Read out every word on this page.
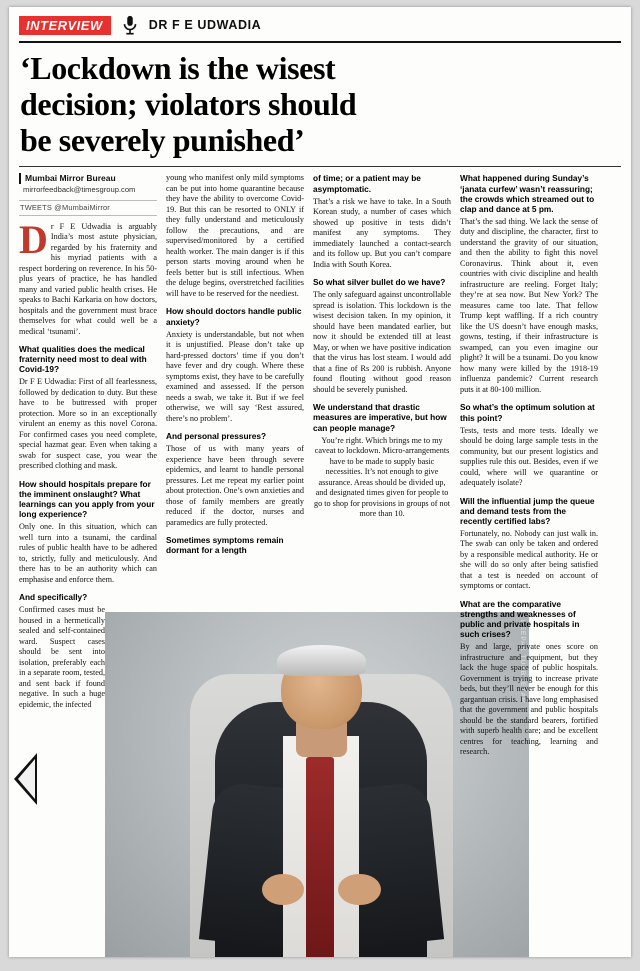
INTERVIEW	DR F E UDWADIA
‘Lockdown is the wisest
decision; violators should
be severely punished’
Mumbai Mirror Bureau
mirrorfeedback@timesgroup.com
TWEETS @MumbaiMirror

Dr F E Udwadia is arguably India’s most astute physician, regarded by his fraternity and his myriad patients with a respect bordering on reverence. In his 50-plus years of practice, he has handled many and varied public health crises. He speaks to Bachi Karkaria on how doctors, hospitals and the government must brace themselves for what could well be a medical ‘tsunami’.

What qualities does the medical fraternity need most to deal with Covid-19?

Dr F E Udwadia: First of all fearlessness, followed by dedication to duty. But these have to be buttressed with proper protection. More so in an exceptionally virulent an enemy as this novel Corona. For confirmed cases you need complete, special hazmat gear. Even when taking a swab for suspect case, you wear the prescribed clothing and mask.

How should hospitals prepare for the imminent onslaught? What learnings can you apply from your long experience?

Only one. In this situation, which can well turn into a tsunami, the cardinal rules of public health have to be adhered to, strictly, fully and meticulously. And there has to be an authority which can emphasise and enforce them.

And specifically?

Confirmed cases must be housed in a hermetically sealed and self-contained ward. Suspect cases should be sent into isolation, preferably each in a separate room, tested, and sent back if found negative. In such a huge epidemic, the infected

young who manifest only mild symptoms can be put into home quarantine because they have the ability to overcome Covid-19. But this can be resorted to ONLY if they fully understand and meticulously follow the precautions, and are supervised/monitored by a certified health worker. The main danger is if this person starts moving around when he feels better but is still infectious. When the deluge begins, overstretched facilities will have to be reserved for the neediest.

How should doctors handle public anxiety?

Anxiety is understandable, but not when it is unjustified. Please don’t take up hard-pressed doctors’ time if you don’t have fever and dry cough. Where these symptoms exist, they have to be carefully examined and assessed. If the person needs a swab, we take it. But if we feel otherwise, we will say ‘Rest assured, there’s no problem’.

And personal pressures?

Those of us with many years of experience have been through severe epidemics, and learnt to handle personal pressures. Let me repeat my earlier point about protection. One’s own anxieties and those of family members are greatly reduced if the doctor, nurses and paramedics are fully protected.

Sometimes symptoms remain dormant for a length
of time; or a patient may be asymptomatic.

That’s a risk we have to take. In a South Korean study, a number of cases which showed up positive in tests didn’t manifest any symptoms. They immediately launched a contact-search and its follow up. But you can’t compare India with South Korea.

So what silver bullet do we have?

The only safeguard against uncontrollable spread is isolation. This lockdown is the wisest decision taken. In my opinion, it should have been mandated earlier, but now it should be extended till at least May, or when we have positive indication that the virus has lost steam. I would add that a fine of Rs 200 is rubbish. Anyone found flouting without good reason should be severely punished.

We understand that drastic measures are imperative, but how can people manage?

You’re right. Which brings me to my caveat to lockdown. Micro-arrangements have to be made to supply basic necessities. It’s not enough to give assurance. Areas should be divided up, and designated times given for people to go to shop for provisions in groups of not more than 10.

What happened during Sunday’s ‘janata curfew’ wasn’t reassuring; the crowds which streamed out to clap and dance at 5 pm.

That’s the sad thing. We lack the sense of duty and discipline, the character, first to understand the gravity of our situation, and then the ability to fight this novel Coronavirus. Think about it, even countries with civic discipline and health infrastructure are reeling. Forget Italy; they’re at sea now. But New York? The measures came too late. That fellow Trump kept waffling. If a rich country like the US doesn’t have enough masks, gowns, testing, if their infrastructure is swamped, can you even imagine our plight? It will be a tsunami. Do you know how many were killed by the 1918-19 influenza pandemic? Current research puts it at 80-100 million.

So what’s the optimum solution at this point?

Tests, tests and more tests. Ideally we should be doing large sample tests in the community, but our present logistics and supplies rule this out. Besides, even if we could, where will we quarantine or adequately isolate?

Will the influential jump the queue and demand tests from the recently certified labs?

Fortunately, no. Nobody can just walk in. The swab can only be taken and ordered by a responsible medical authority. He or she will do so only after being satisfied that a test is needed on account of symptoms or contact.

What are the comparative strengths and weaknesses of public and private hospitals in such crises?

By and large, private ones score on infrastructure and equipment, but they lack the huge space of public hospitals. Government is trying to increase private beds, but they’ll never be enough for this gargantuan crisis. I have long emphasised that the government and public hospitals should be the standard bearers, fortified with superb health care; and be excellent centres for teaching, learning and research.

DEEPAK TURBHEKAR
